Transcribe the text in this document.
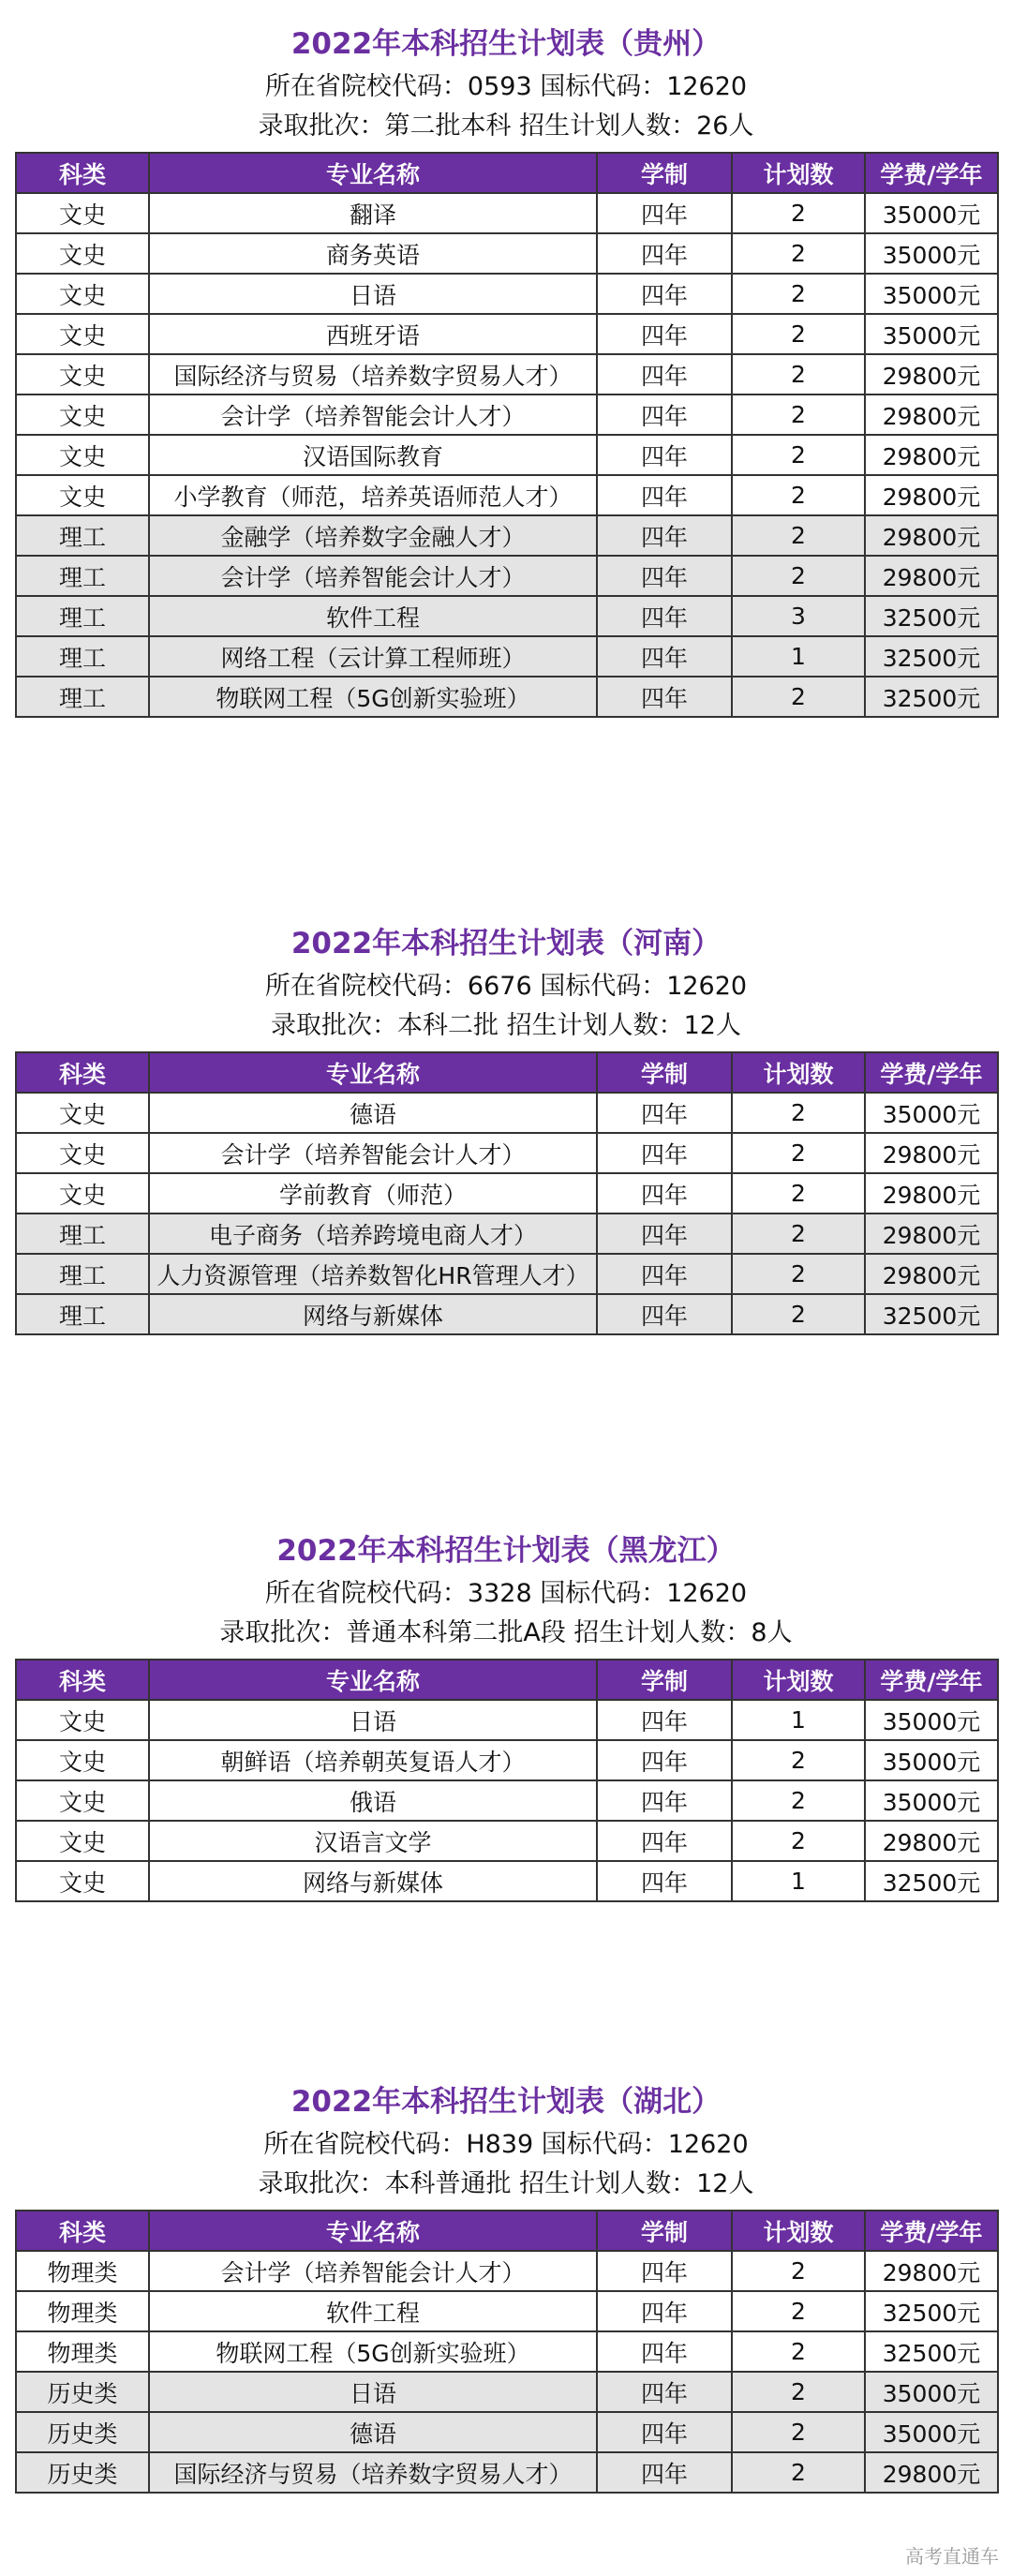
2022年本科招生计划表（贵州）
所在省院校代码：0593 国标代码：12620
录取批次：第二批本科 招生计划人数：26人
科类	专业名称	学制	计划数	学费/学年
文史	翻译	四年	2	35000元
文史	商务英语	四年	2	35000元
文史	日语	四年	2	35000元
文史	西班牙语	四年	2	35000元
文史	国际经济与贸易（培养数字贸易人才）	四年	2	29800元
文史	会计学（培养智能会计人才）	四年	2	29800元
文史	汉语国际教育	四年	2	29800元
文史	小学教育（师范，培养英语师范人才）	四年	2	29800元
理工	金融学（培养数字金融人才）	四年	2	29800元
理工	会计学（培养智能会计人才）	四年	2	29800元
理工	软件工程	四年	3	32500元
理工	网络工程（云计算工程师班）	四年	1	32500元
理工	物联网工程（5G创新实验班）	四年	2	32500元
2022年本科招生计划表（河南）
所在省院校代码：6676 国标代码：12620
录取批次：本科二批 招生计划人数：12人
科类	专业名称	学制	计划数	学费/学年
文史	德语	四年	2	35000元
文史	会计学（培养智能会计人才）	四年	2	29800元
文史	学前教育（师范）	四年	2	29800元
理工	电子商务（培养跨境电商人才）	四年	2	29800元
理工	人力资源管理（培养数智化HR管理人才）	四年	2	29800元
理工	网络与新媒体	四年	2	32500元
2022年本科招生计划表（黑龙江）
所在省院校代码：3328 国标代码：12620
录取批次：普通本科第二批A段 招生计划人数：8人
科类	专业名称	学制	计划数	学费/学年
文史	日语	四年	1	35000元
文史	朝鲜语（培养朝英复语人才）	四年	2	35000元
文史	俄语	四年	2	35000元
文史	汉语言文学	四年	2	29800元
文史	网络与新媒体	四年	1	32500元
2022年本科招生计划表（湖北）
所在省院校代码：H839 国标代码：12620
录取批次：本科普通批 招生计划人数：12人
科类	专业名称	学制	计划数	学费/学年
物理类	会计学（培养智能会计人才）	四年	2	29800元
物理类	软件工程	四年	2	32500元
物理类	物联网工程（5G创新实验班）	四年	2	32500元
历史类	日语	四年	2	35000元
历史类	德语	四年	2	35000元
历史类	国际经济与贸易（培养数字贸易人才）	四年	2	29800元
高考直通车
